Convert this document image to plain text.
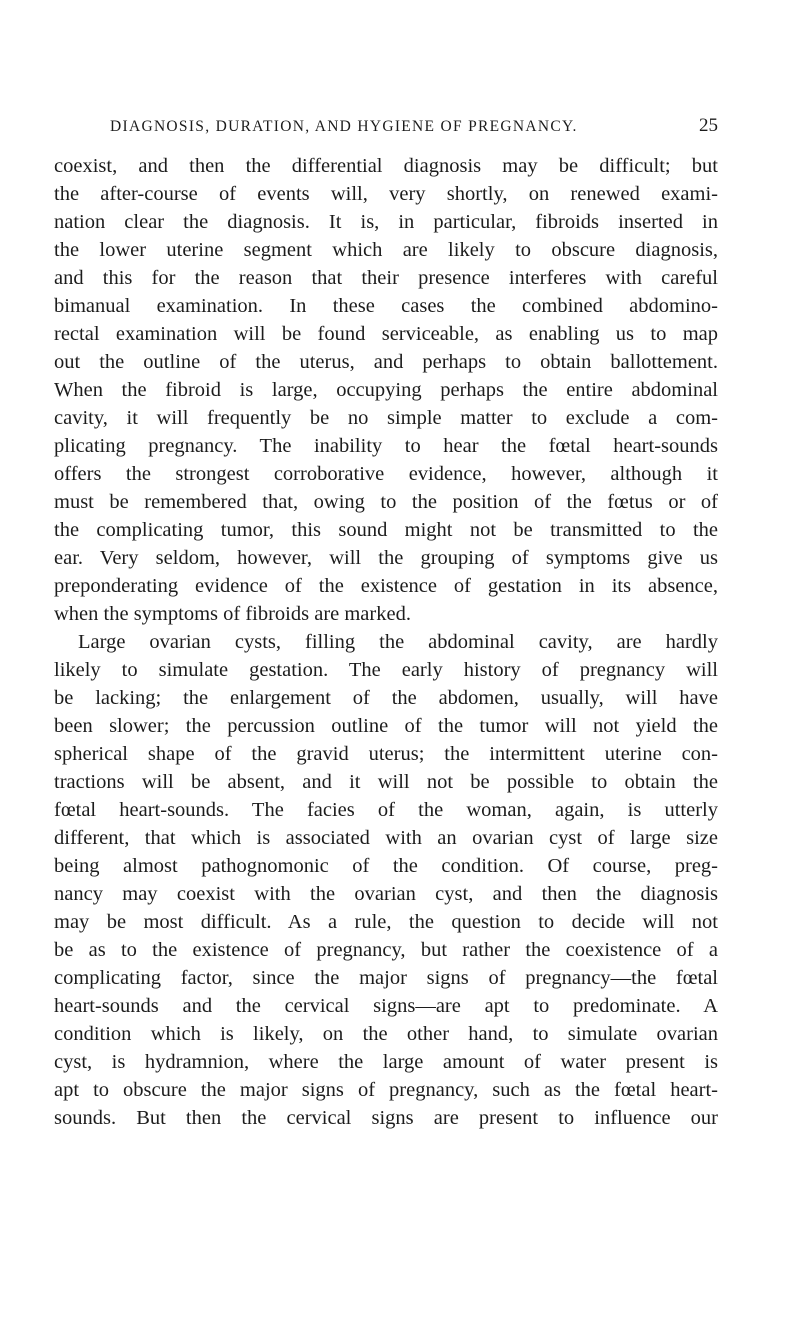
DIAGNOSIS, DURATION, AND HYGIENE OF PREGNANCY.	25
coexist, and then the differential diagnosis may be difficult; but
the after-course of events will, very shortly, on renewed exami-
nation clear the diagnosis. It is, in particular, fibroids inserted in
the lower uterine segment which are likely to obscure diagnosis,
and this for the reason that their presence interferes with careful
bimanual examination. In these cases the combined abdomino-
rectal examination will be found serviceable, as enabling us to map
out the outline of the uterus, and perhaps to obtain ballottement.
When the fibroid is large, occupying perhaps the entire abdominal
cavity, it will frequently be no simple matter to exclude a com-
plicating pregnancy. The inability to hear the fœtal heart-sounds
offers the strongest corroborative evidence, however, although it
must be remembered that, owing to the position of the fœtus or of
the complicating tumor, this sound might not be transmitted to the
ear. Very seldom, however, will the grouping of symptoms give us
preponderating evidence of the existence of gestation in its absence,
when the symptoms of fibroids are marked.
Large ovarian cysts, filling the abdominal cavity, are hardly
likely to simulate gestation. The early history of pregnancy will
be lacking; the enlargement of the abdomen, usually, will have
been slower; the percussion outline of the tumor will not yield the
spherical shape of the gravid uterus; the intermittent uterine con-
tractions will be absent, and it will not be possible to obtain the
fœtal heart-sounds. The facies of the woman, again, is utterly
different, that which is associated with an ovarian cyst of large size
being almost pathognomonic of the condition. Of course, preg-
nancy may coexist with the ovarian cyst, and then the diagnosis
may be most difficult. As a rule, the question to decide will not
be as to the existence of pregnancy, but rather the coexistence of a
complicating factor, since the major signs of pregnancy—the fœtal
heart-sounds and the cervical signs—are apt to predominate. A
condition which is likely, on the other hand, to simulate ovarian
cyst, is hydramnion, where the large amount of water present is
apt to obscure the major signs of pregnancy, such as the fœtal heart-
sounds. But then the cervical signs are present to influence our
